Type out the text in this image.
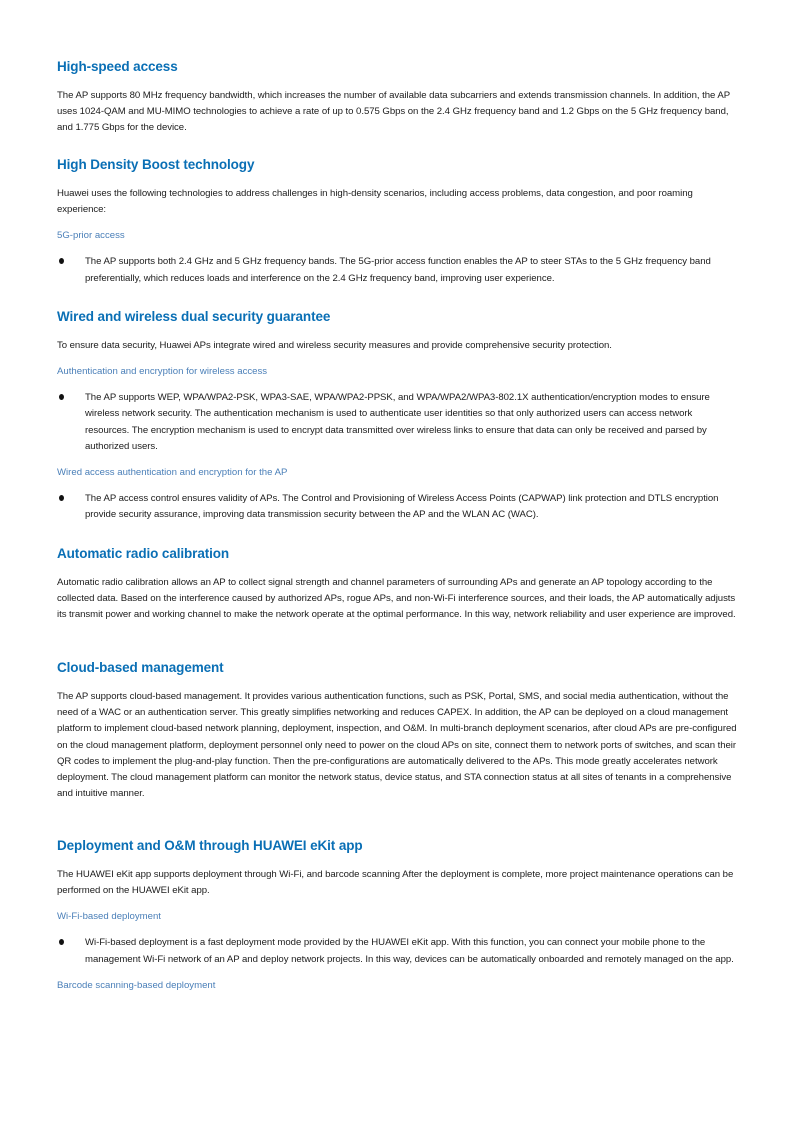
High-speed access

The AP supports 80 MHz frequency bandwidth, which increases the number of available data subcarriers and extends transmission channels. In addition, the AP uses 1024-QAM and MU-MIMO technologies to achieve a rate of up to 0.575 Gbps on the 2.4 GHz frequency band and 1.2 Gbps on the 5 GHz frequency band, and 1.775 Gbps for the device.

High Density Boost technology

Huawei uses the following technologies to address challenges in high-density scenarios, including access problems, data congestion, and poor roaming experience:

5G-prior access

The AP supports both 2.4 GHz and 5 GHz frequency bands. The 5G-prior access function enables the AP to steer STAs to the 5 GHz frequency band preferentially, which reduces loads and interference on the 2.4 GHz frequency band, improving user experience.

Wired and wireless dual security guarantee

To ensure data security, Huawei APs integrate wired and wireless security measures and provide comprehensive security protection.

Authentication and encryption for wireless access

The AP supports WEP, WPA/WPA2-PSK, WPA3-SAE, WPA/WPA2-PPSK, and WPA/WPA2/WPA3-802.1X authentication/encryption modes to ensure wireless network security. The authentication mechanism is used to authenticate user identities so that only authorized users can access network resources. The encryption mechanism is used to encrypt data transmitted over wireless links to ensure that data can only be received and parsed by authorized users.

Wired access authentication and encryption for the AP

The AP access control ensures validity of APs. The Control and Provisioning of Wireless Access Points (CAPWAP) link protection and DTLS encryption provide security assurance, improving data transmission security between the AP and the WLAN AC (WAC).

Automatic radio calibration

Automatic radio calibration allows an AP to collect signal strength and channel parameters of surrounding APs and generate an AP topology according to the collected data. Based on the interference caused by authorized APs, rogue APs, and non-Wi-Fi interference sources, and their loads, the AP automatically adjusts its transmit power and working channel to make the network operate at the optimal performance. In this way, network reliability and user experience are improved.

Cloud-based management

The AP supports cloud-based management. It provides various authentication functions, such as PSK, Portal, SMS, and social media authentication, without the need of a WAC or an authentication server. This greatly simplifies networking and reduces CAPEX. In addition, the AP can be deployed on a cloud management platform to implement cloud-based network planning, deployment, inspection, and O&M. In multi-branch deployment scenarios, after cloud APs are pre-configured on the cloud management platform, deployment personnel only need to power on the cloud APs on site, connect them to network ports of switches, and scan their QR codes to implement the plug-and-play function. Then the pre-configurations are automatically delivered to the APs. This mode greatly accelerates network deployment. The cloud management platform can monitor the network status, device status, and STA connection status at all sites of tenants in a comprehensive and intuitive manner.

Deployment and O&M through HUAWEI eKit app

The HUAWEI eKit app supports deployment through Wi-Fi, and barcode scanning After the deployment is complete, more project maintenance operations can be performed on the HUAWEI eKit app.

Wi-Fi-based deployment

Wi-Fi-based deployment is a fast deployment mode provided by the HUAWEI eKit app. With this function, you can connect your mobile phone to the management Wi-Fi network of an AP and deploy network projects. In this way, devices can be automatically onboarded and remotely managed on the app.

Barcode scanning-based deployment
